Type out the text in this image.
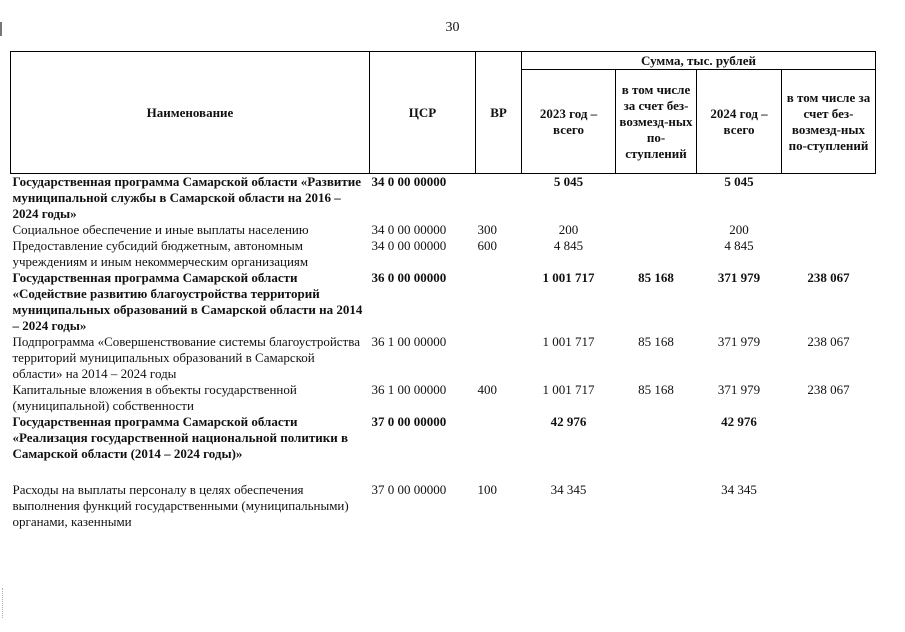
30
Наименование	ЦСР	ВР	Сумма, тыс. рублей			
			2023 год – всего	в том числе за счет без-возмезд-ных по-ступлений	2024 год – всего	в том числе за счет без-возмезд-ных по-ступлений
Государственная программа Самарской области «Развитие муниципальной службы в Самарской области на 2016 – 2024 годы»	34 0 00 00000		5 045		5 045	
Социальное обеспечение и иные выплаты населению	34 0 00 00000	300	200		200	
Предоставление субсидий бюджетным, автономным учреждениям и иным некоммерческим организациям	34 0 00 00000	600	4 845		4 845	
Государственная программа Самарской области «Содействие развитию благоустройства территорий муниципальных образований в Самарской области на 2014 – 2024 годы»	36 0 00 00000		1 001 717	85 168	371 979	238 067
Подпрограмма «Совершенствование системы благоустройства территорий муниципальных образований в Самарской области» на 2014 – 2024 годы	36 1 00 00000		1 001 717	85 168	371 979	238 067
Капитальные вложения в объекты государственной (муниципальной) собственности	36 1 00 00000	400	1 001 717	85 168	371 979	238 067
Государственная программа Самарской области «Реализация государственной национальной политики в Самарской области (2014 – 2024 годы)»	37 0 00 00000		42 976		42 976	

Расходы на выплаты персоналу в целях обеспечения выполнения функций государственными (муниципальными) органами, казенными	37 0 00 00000	100	34 345		34 345	
